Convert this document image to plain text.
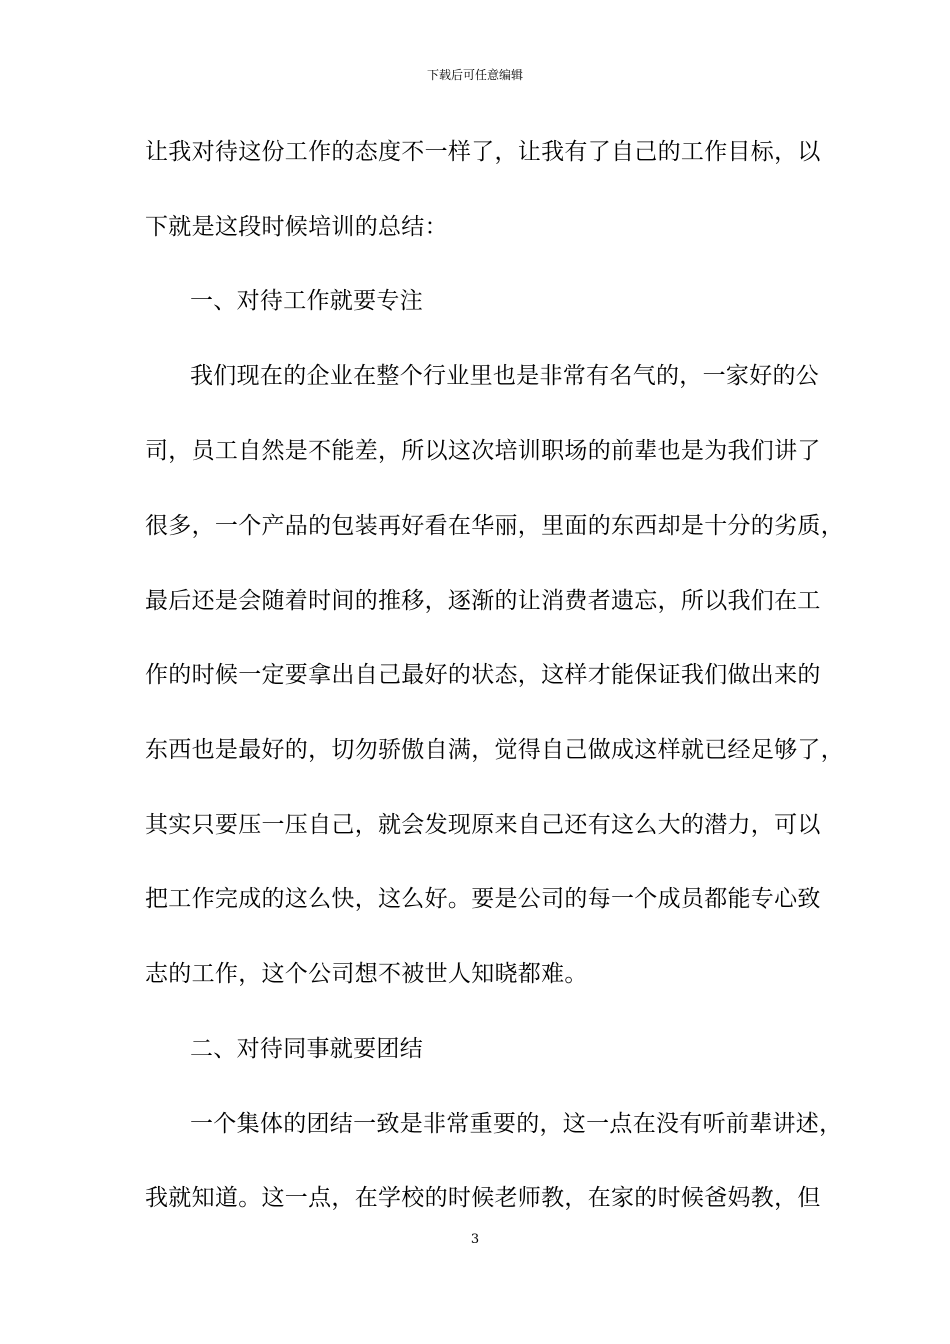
下载后可任意编辑
让我对待这份工作的态度不一样了，让我有了自己的工作目标，以
下就是这段时候培训的总结：
一、对待工作就要专注
我们现在的企业在整个行业里也是非常有名气的，一家好的公
司，员工自然是不能差，所以这次培训职场的前辈也是为我们讲了
很多，一个产品的包装再好看在华丽，里面的东西却是十分的劣质，
最后还是会随着时间的推移，逐渐的让消费者遗忘，所以我们在工
作的时候一定要拿出自己最好的状态，这样才能保证我们做出来的
东西也是最好的，切勿骄傲自满，觉得自己做成这样就已经足够了，
其实只要压一压自己，就会发现原来自己还有这么大的潜力，可以
把工作完成的这么快，这么好。要是公司的每一个成员都能专心致
志的工作，这个公司想不被世人知晓都难。
二、对待同事就要团结
一个集体的团结一致是非常重要的，这一点在没有听前辈讲述，
我就知道。这一点，在学校的时候老师教，在家的时候爸妈教，但
3
